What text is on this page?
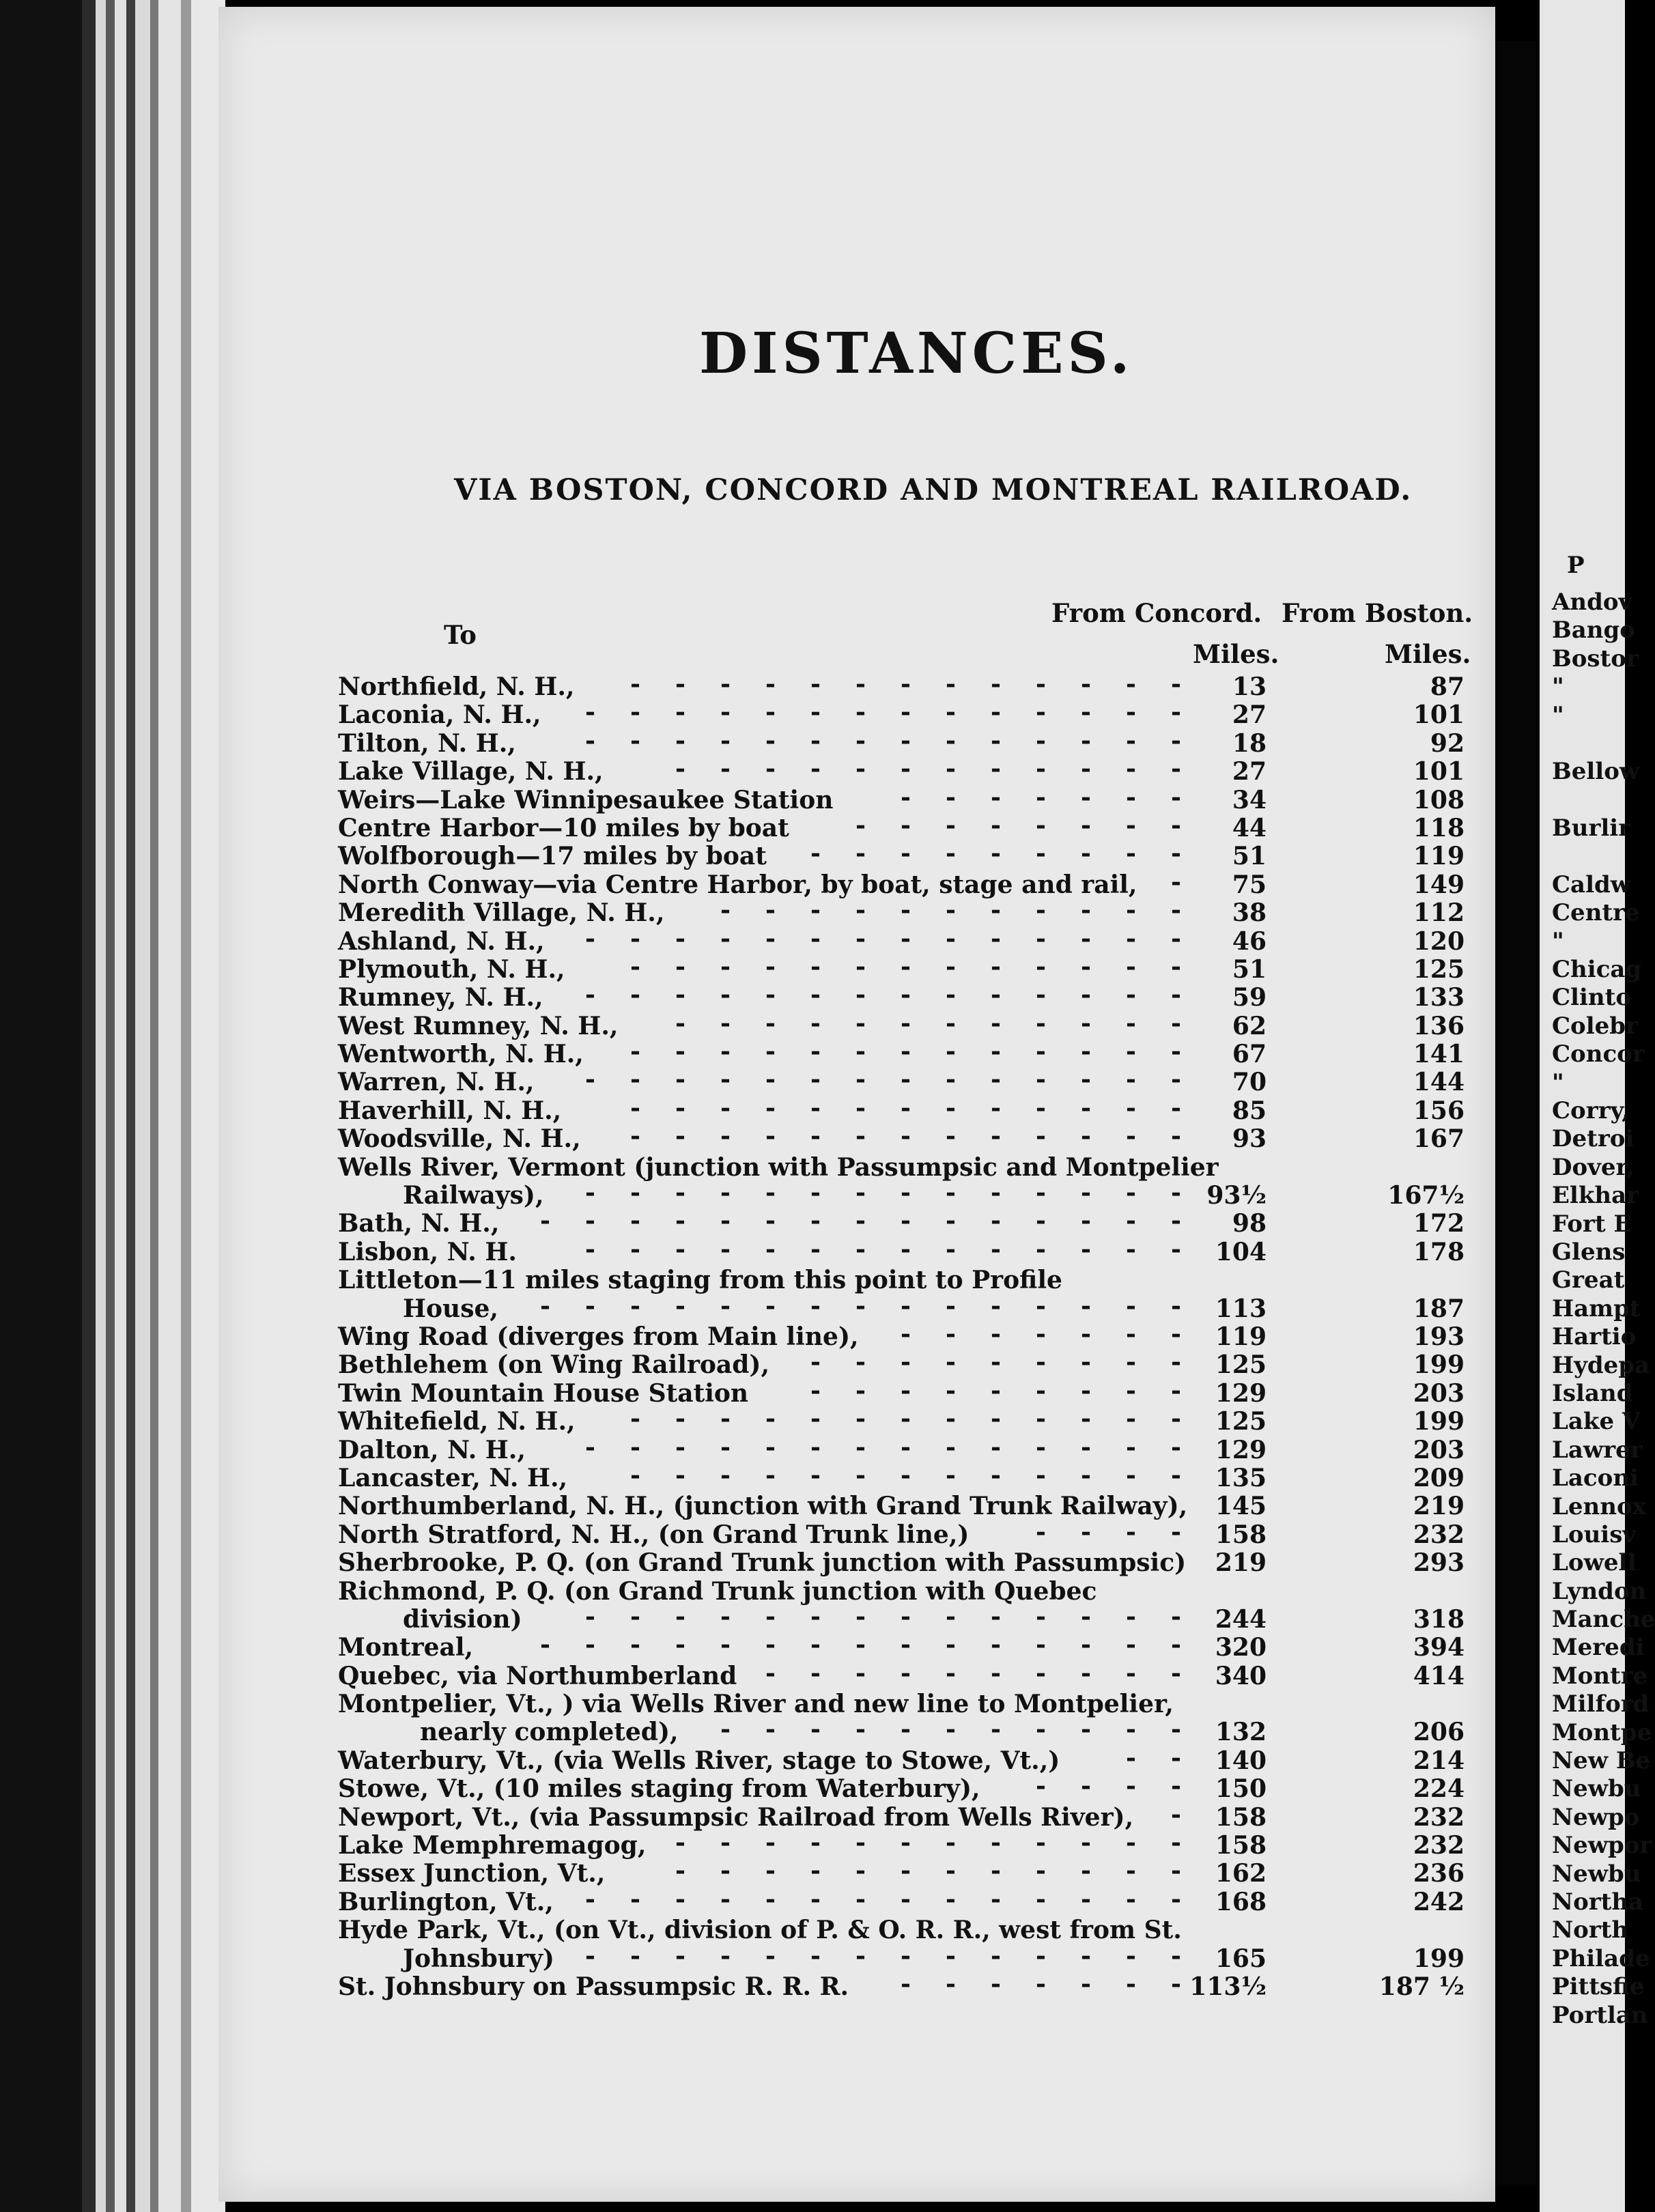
P
Andov
Bango
Bostor
"
"
Bellow
Burlir
Caldw
Centre
"
Chicag
Clinto
Colebr
Concor
"
Corry,
Detroi
Dover,
Elkhar
Fort E
Glens
Great
Hampt
Hartio
Hydepa
Island
Lake V
Lawrer
Laconi
Lennox
Louisv
Lowell
Lyndon
Manche
Meredi
Montre
Milford
Montpe
New Be
Newbu
Newpo
Newpor
Newbu
Northa
North
Philade
Pittsfie
Portlan
DISTANCES.
VIA BOSTON, CONCORD AND MONTREAL RAILROAD.
From Concord. From Boston.
To
Miles.	Miles.
Northfield, N. H.,	13	87
-
-
-
-
-
-
-
-
-
-
-
-
-
Laconia, N. H.,	27	101
-
-
-
-
-
-
-
-
-
-
-
-
-
-
Tilton, N. H.,	18	92
-
-
-
-
-
-
-
-
-
-
-
-
-
-
Lake Village, N. H.,	27	101
-
-
-
-
-
-
-
-
-
-
-
-
Weirs—Lake Winnipesaukee Station	34	108
-
-
-
-
-
-
-
Centre Harbor—10 miles by boat	44	118
-
-
-
-
-
-
-
-
Wolfborough—17 miles by boat	51	119
-
-
-
-
-
-
-
-
-
North Conway—via Centre Harbor, by boat, stage and rail,	75	149
-
Meredith Village, N. H.,	38	112
-
-
-
-
-
-
-
-
-
-
-
Ashland, N. H.,	46	120
-
-
-
-
-
-
-
-
-
-
-
-
-
-
Plymouth, N. H.,	51	125
-
-
-
-
-
-
-
-
-
-
-
-
-
Rumney, N. H.,	59	133
-
-
-
-
-
-
-
-
-
-
-
-
-
-
West Rumney, N. H.,	62	136
-
-
-
-
-
-
-
-
-
-
-
-
Wentworth, N. H.,	67	141
-
-
-
-
-
-
-
-
-
-
-
-
-
Warren, N. H.,	70	144
-
-
-
-
-
-
-
-
-
-
-
-
-
-
Haverhill, N. H.,	85	156
-
-
-
-
-
-
-
-
-
-
-
-
-
Woodsville, N. H.,	93	167
-
-
-
-
-
-
-
-
-
-
-
-
-
Wells River, Vermont (junction with Passumpsic and Montpelier
Railways),	93½	167½
-
-
-
-
-
-
-
-
-
-
-
-
-
-
Bath, N. H.,	98	172
-
-
-
-
-
-
-
-
-
-
-
-
-
-
-
Lisbon, N. H.	104	178
-
-
-
-
-
-
-
-
-
-
-
-
-
-
Littleton—11 miles staging from this point to Profile
House,	113	187
-
-
-
-
-
-
-
-
-
-
-
-
-
-
-
Wing Road (diverges from Main line),	119	193
-
-
-
-
-
-
-
Bethlehem (on Wing Railroad),	125	199
-
-
-
-
-
-
-
-
-
Twin Mountain House Station	129	203
-
-
-
-
-
-
-
-
-
Whitefield, N. H.,	125	199
-
-
-
-
-
-
-
-
-
-
-
-
-
Dalton, N. H.,	129	203
-
-
-
-
-
-
-
-
-
-
-
-
-
-
Lancaster, N. H.,	135	209
-
-
-
-
-
-
-
-
-
-
-
-
-
Northumberland, N. H., (junction with Grand Trunk Railway),	145	219
North Stratford, N. H., (on Grand Trunk line,)	158	232
-
-
-
-
Sherbrooke, P. Q. (on Grand Trunk junction with Passumpsic)	219	293
Richmond, P. Q. (on Grand Trunk junction with Quebec
division)	244	318
-
-
-
-
-
-
-
-
-
-
-
-
-
-
Montreal,	320	394
-
-
-
-
-
-
-
-
-
-
-
-
-
-
-
Quebec, via Northumberland	340	414
-
-
-
-
-
-
-
-
-
-
Montpelier, Vt., ) via Wells River and new line to Montpelier,
nearly completed),	132	206
-
-
-
-
-
-
-
-
-
-
-
Waterbury, Vt., (via Wells River, stage to Stowe, Vt.,)	140	214
-
-
Stowe, Vt., (10 miles staging from Waterbury),	150	224
-
-
-
-
Newport, Vt., (via Passumpsic Railroad from Wells River),	158	232
-
Lake Memphremagog,	158	232
-
-
-
-
-
-
-
-
-
-
-
-
Essex Junction, Vt.,	162	236
-
-
-
-
-
-
-
-
-
-
-
-
Burlington, Vt.,	168	242
-
-
-
-
-
-
-
-
-
-
-
-
-
-
Hyde Park, Vt., (on Vt., division of P. & O. R. R., west from St.
Johnsbury)	165	199
-
-
-
-
-
-
-
-
-
-
-
-
-
-
St. Johnsbury on Passumpsic R. R. R.	113½	187 ½
-
-
-
-
-
-
-
